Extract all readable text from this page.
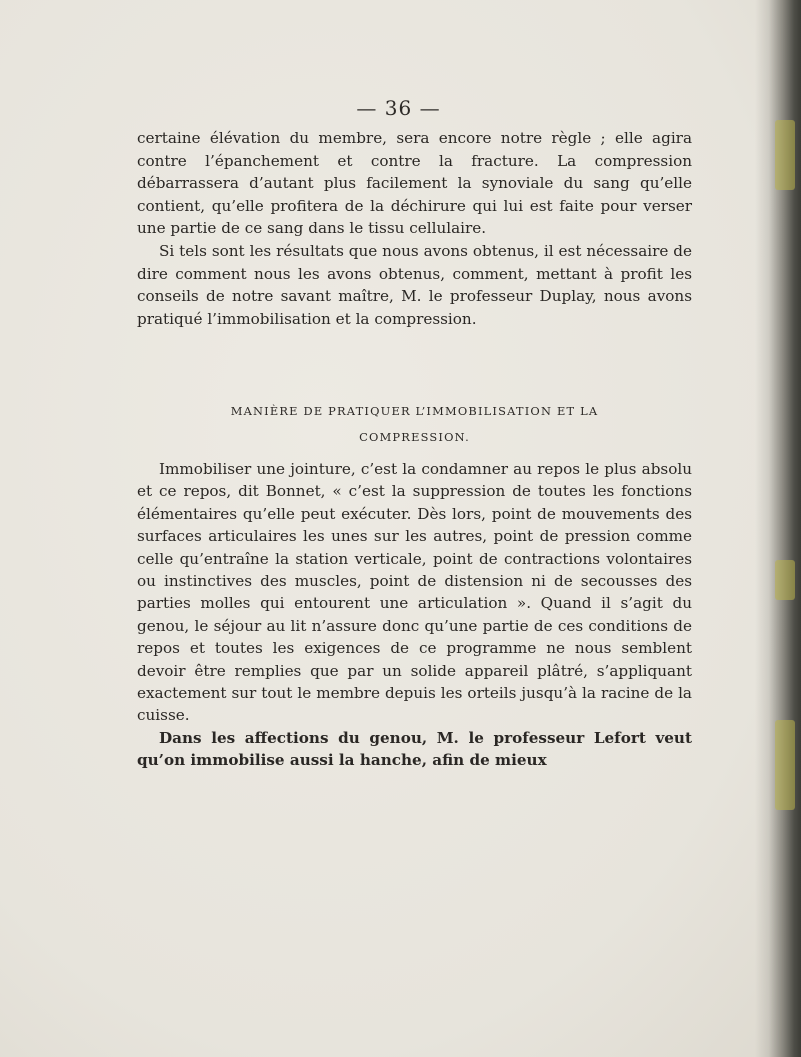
— 36 —

certaine élévation du membre, sera encore notre règle ; elle agira contre l’épanchement et contre la fracture. La compression débarrassera d’autant plus facilement la synoviale du sang qu’elle contient, qu’elle profitera de la déchirure qui lui est faite pour verser une partie de ce sang dans le tissu cellulaire.

Si tels sont les résultats que nous avons obtenus, il est nécessaire de dire comment nous les avons obtenus, comment, mettant à profit les conseils de notre savant maître, M. le professeur Duplay, nous avons pratiqué l’immobilisation et la compression.

MANIÈRE DE PRATIQUER L’IMMOBILISATION ET LA
COMPRESSION.

Immobiliser une jointure, c’est la condamner au repos le plus absolu et ce repos, dit Bonnet, « c’est la suppression de toutes les fonctions élémentaires qu’elle peut exécuter. Dès lors, point de mouvements des surfaces articulaires les unes sur les autres, point de pression comme celle qu’entraîne la station verticale, point de contractions volontaires ou instinctives des muscles, point de distension ni de secousses des parties molles qui entourent une articulation ». Quand il s’agit du genou, le séjour au lit n’assure donc qu’une partie de ces conditions de repos et toutes les exigences de ce programme ne nous semblent devoir être remplies que par un solide appareil plâtré, s’appliquant exactement sur tout le membre depuis les orteils jusqu’à la racine de la cuisse.

Dans les affections du genou, M. le professeur Lefort veut qu’on immobilise aussi la hanche, afin de mieux
